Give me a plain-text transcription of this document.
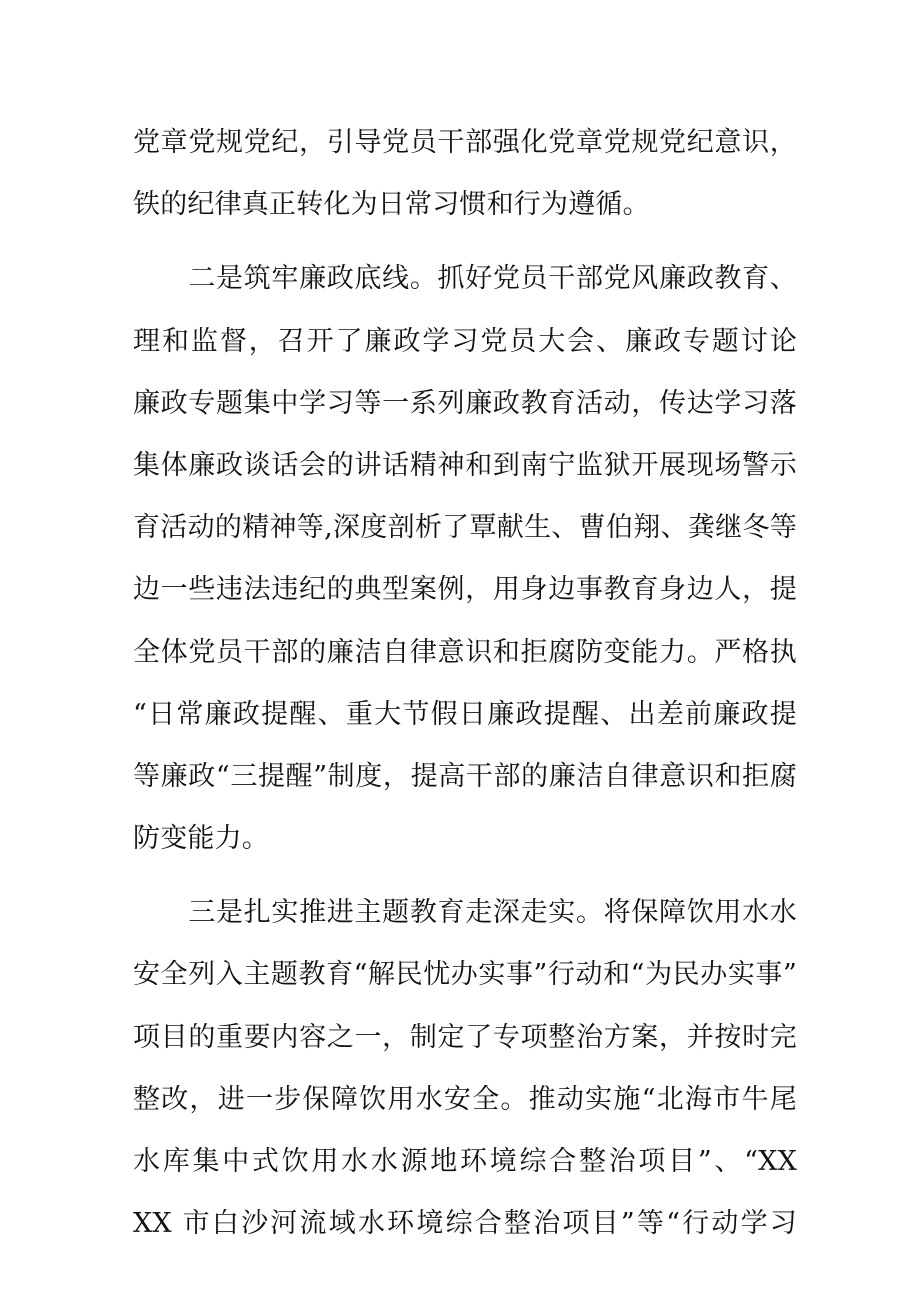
党章党规党纪，引导党员干部强化党章党规党纪意识，
铁的纪律真正转化为日常习惯和行为遵循。
　　二是筑牢廉政底线。抓好党员干部党风廉政教育、
理和监督，召开了廉政学习党员大会、廉政专题讨论
廉政专题集中学习等一系列廉政教育活动，传达学习落
集体廉政谈话会的讲话精神和到南宁监狱开展现场警示
育活动的精神等,深度剖析了覃献生、曹伯翔、龚继冬等
边一些违法违纪的典型案例，用身边事教育身边人，提
全体党员干部的廉洁自律意识和拒腐防变能力。严格执
“日常廉政提醒、重大节假日廉政提醒、出差前廉政提
等廉政“三提醒”制度，提高干部的廉洁自律意识和拒腐
防变能力。
　　三是扎实推进主题教育走深走实。将保障饮用水水
安全列入主题教育“解民忧办实事”行动和“为民办实事”
项目的重要内容之一，制定了专项整治方案，并按时完
整改，进一步保障饮用水安全。推动实施“北海市牛尾
水库集中式饮用水水源地环境综合整治项目”、“XX
XX 市白沙河流域水环境综合整治项目”等“行动学习
